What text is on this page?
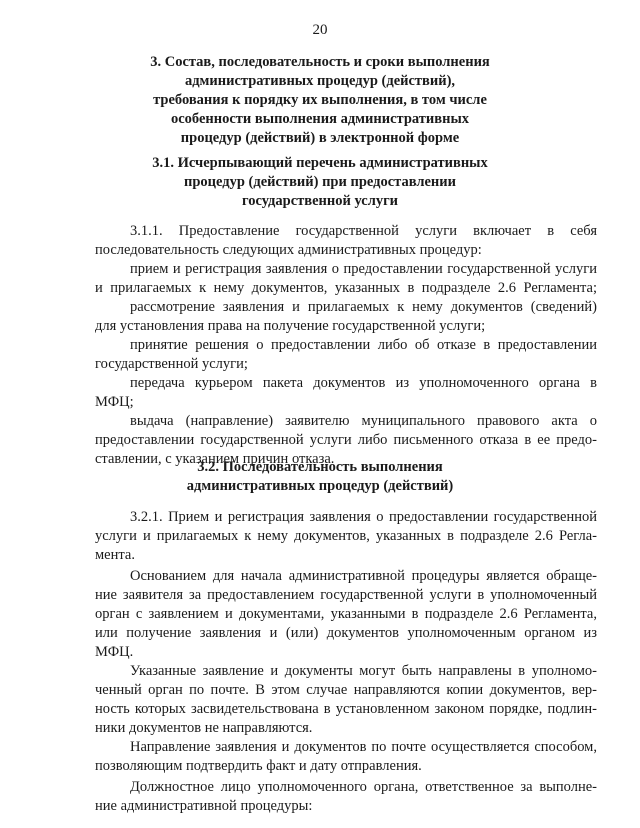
20
3. Состав, последовательность и сроки выполнения
административных процедур (действий),
требования к порядку их выполнения, в том числе
особенности выполнения административных
процедур (действий) в электронной форме
3.1. Исчерпывающий перечень административных
процедур (действий) при предоставлении
государственной услуги
3.1.1. Предоставление государственной услуги включает в себя
последовательность следующих административных процедур:
прием и регистрация заявления о предоставлении государственной услуги
и прилагаемых к нему документов, указанных в подразделе 2.6 Регламента;
рассмотрение заявления и прилагаемых к нему документов (сведений)
для установления права на получение государственной услуги;
принятие решения о предоставлении либо об отказе в предоставлении
государственной услуги;
передача курьером пакета документов из уполномоченного органа в
МФЦ;
выдача (направление) заявителю муниципального правового акта о
предоставлении государственной услуги либо письменного отказа в ее предо-
ставлении, с указанием причин отказа.
3.2. Последовательность выполнения
административных процедур (действий)
3.2.1. Прием и регистрация заявления о предоставлении государственной
услуги и прилагаемых к нему документов, указанных в подразделе 2.6 Регла-
мента.
Основанием для начала административной процедуры является обраще-
ние заявителя за предоставлением государственной услуги в уполномоченный
орган с заявлением и документами, указанными в подразделе 2.6 Регламента,
или получение заявления и (или) документов уполномоченным органом из
МФЦ.
Указанные заявление и документы могут быть направлены в уполномо-
ченный орган по почте. В этом случае направляются копии документов, вер-
ность которых засвидетельствована в установленном законом порядке, подлин-
ники документов не направляются.
Направление заявления и документов по почте осуществляется способом,
позволяющим подтвердить факт и дату отправления.
Должностное лицо уполномоченного органа, ответственное за выполне-
ние административной процедуры:
